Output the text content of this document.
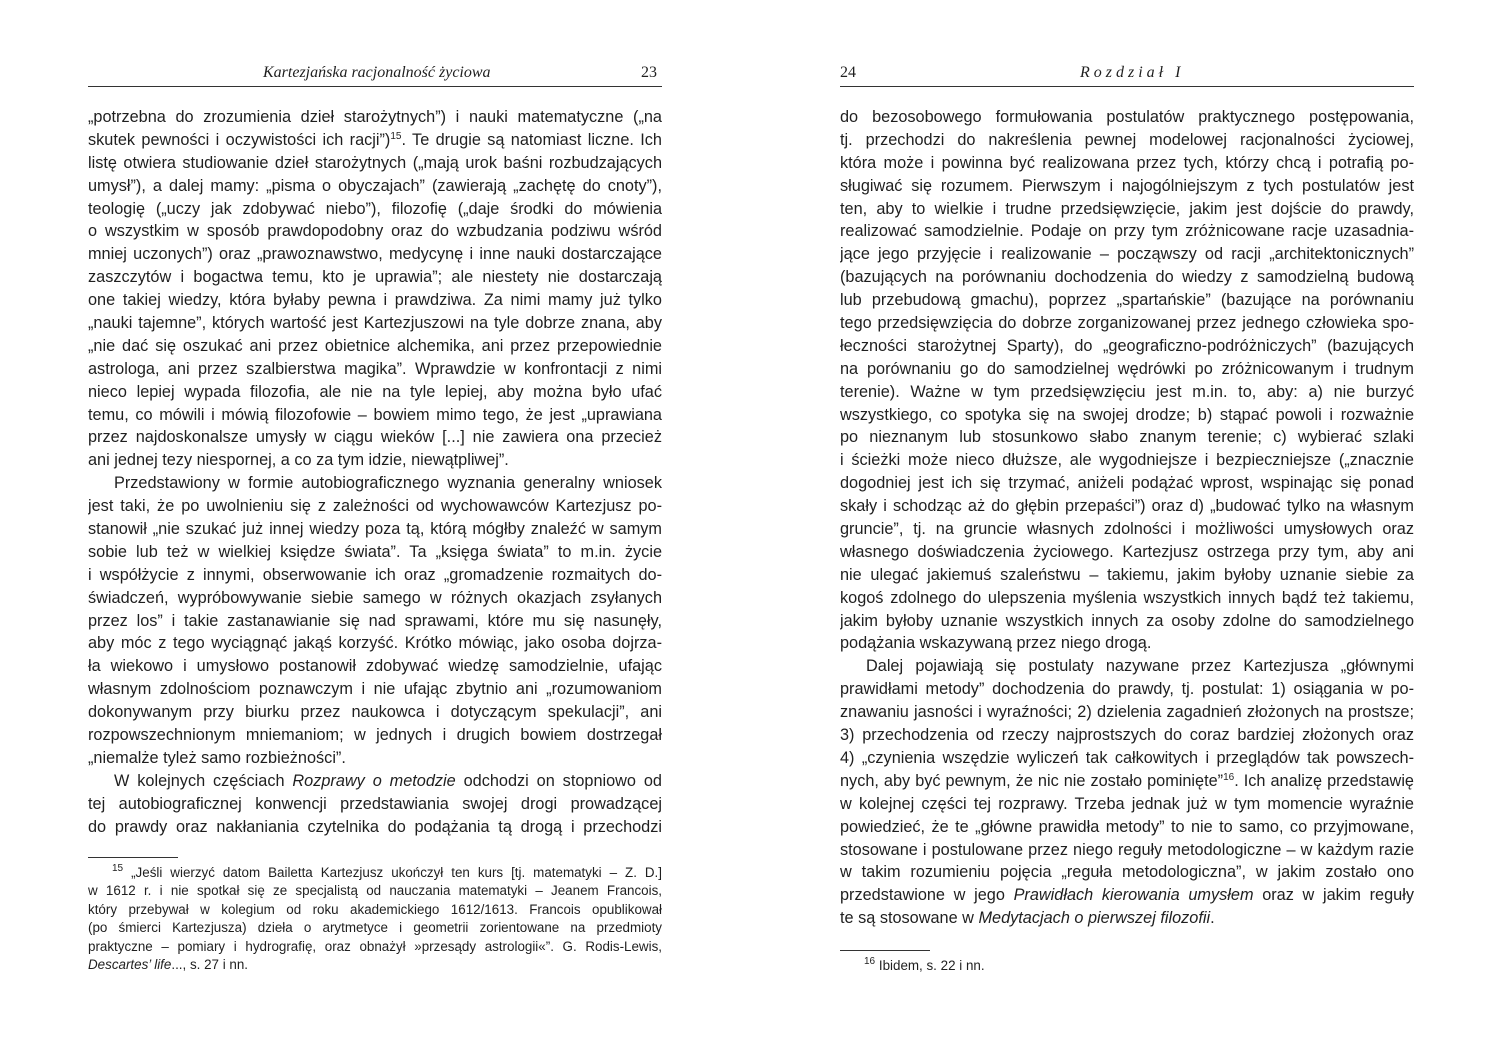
Kartezjańska racjonalność życiowa	23
„potrzebna do zrozumienia dzieł starożytnych”) i nauki matematyczne („na
skutek pewności i oczywistości ich racji”)$^{15}$. Te drugie są natomiast liczne. Ich
listę otwiera studiowanie dzieł starożytnych („mają urok baśni rozbudzających
umysł”), a dalej mamy: „pisma o obyczajach” (zawierają „zachętę do cnoty”),
teologię („uczy jak zdobywać niebo”), filozofię („daje środki do mówienia
o wszystkim w sposób prawdopodobny oraz do wzbudzania podziwu wśród
mniej uczonych”) oraz „prawoznawstwo, medycynę i inne nauki dostarczające
zaszczytów i bogactwa temu, kto je uprawia”; ale niestety nie dostarczają
one takiej wiedzy, która byłaby pewna i prawdziwa. Za nimi mamy już tylko
„nauki tajemne”, których wartość jest Kartezjuszowi na tyle dobrze znana, aby
„nie dać się oszukać ani przez obietnice alchemika, ani przez przepowiednie
astrologa, ani przez szalbierstwa magika”. Wprawdzie w konfrontacji z nimi
nieco lepiej wypada filozofia, ale nie na tyle lepiej, aby można było ufać
temu, co mówili i mówią filozofowie – bowiem mimo tego, że jest „uprawiana
przez najdoskonalsze umysły w ciągu wieków [...] nie zawiera ona przecież
ani jednej tezy niespornej, a co za tym idzie, niewątpliwej”.
Przedstawiony w formie autobiograficznego wyznania generalny wniosek
jest taki, że po uwolnieniu się z zależności od wychowawców Kartezjusz po-
stanowił „nie szukać już innej wiedzy poza tą, którą mógłby znaleźć w samym
sobie lub też w wielkiej księdze świata”. Ta „księga świata” to m.in. życie
i współżycie z innymi, obserwowanie ich oraz „gromadzenie rozmaitych do-
świadczeń, wypróbowywanie siebie samego w różnych okazjach zsyłanych
przez los” i takie zastanawianie się nad sprawami, które mu się nasunęły,
aby móc z tego wyciągnąć jakąś korzyść. Krótko mówiąc, jako osoba dojrza-
ła wiekowo i umysłowo postanowił zdobywać wiedzę samodzielnie, ufając
własnym zdolnościom poznawczym i nie ufając zbytnio ani „rozumowaniom
dokonywanym przy biurku przez naukowca i dotyczącym spekulacji”, ani
rozpowszechnionym mniemaniom; w jednych i drugich bowiem dostrzegał
„niemalże tyleż samo rozbieżności”.
W kolejnych częściach Rozprawy o metodzie odchodzi on stopniowo od
tej autobiograficznej konwencji przedstawiania swojej drogi prowadzącej
do prawdy oraz nakłaniania czytelnika do podążania tą drogą i przechodzi
$^{15}$ „Jeśli wierzyć datom Bailetta Kartezjusz ukończył ten kurs [tj. matematyki – Z. D.]
w 1612 r. i nie spotkał się ze specjalistą od nauczania matematyki – Jeanem Francois,
który przebywał w kolegium od roku akademickiego 1612/1613. Francois opublikował
(po śmierci Kartezjusza) dzieła o arytmetyce i geometrii zorientowane na przedmioty
praktyczne – pomiary i hydrografię, oraz obnażył »przesądy astrologii«”. G. Rodis-Lewis,
Descartes’ life..., s. 27 i nn.
24	Rozdział I
do bezosobowego formułowania postulatów praktycznego postępowania,
tj. przechodzi do nakreślenia pewnej modelowej racjonalności życiowej,
która może i powinna być realizowana przez tych, którzy chcą i potrafią po-
sługiwać się rozumem. Pierwszym i najogólniejszym z tych postulatów jest
ten, aby to wielkie i trudne przedsięwzięcie, jakim jest dojście do prawdy,
realizować samodzielnie. Podaje on przy tym zróżnicowane racje uzasadnia-
jące jego przyjęcie i realizowanie – począwszy od racji „architektonicznych”
(bazujących na porównaniu dochodzenia do wiedzy z samodzielną budową
lub przebudową gmachu), poprzez „spartańskie” (bazujące na porównaniu
tego przedsięwzięcia do dobrze zorganizowanej przez jednego człowieka spo-
łeczności starożytnej Sparty), do „geograficzno-podróżniczych” (bazujących
na porównaniu go do samodzielnej wędrówki po zróżnicowanym i trudnym
terenie). Ważne w tym przedsięwzięciu jest m.in. to, aby: a) nie burzyć
wszystkiego, co spotyka się na swojej drodze; b) stąpać powoli i rozważnie
po nieznanym lub stosunkowo słabo znanym terenie; c) wybierać szlaki
i ścieżki może nieco dłuższe, ale wygodniejsze i bezpieczniejsze („znacznie
dogodniej jest ich się trzymać, aniżeli podążać wprost, wspinając się ponad
skały i schodząc aż do głębin przepaści”) oraz d) „budować tylko na własnym
gruncie”, tj. na gruncie własnych zdolności i możliwości umysłowych oraz
własnego doświadczenia życiowego. Kartezjusz ostrzega przy tym, aby ani
nie ulegać jakiemuś szaleństwu – takiemu, jakim byłoby uznanie siebie za
kogoś zdolnego do ulepszenia myślenia wszystkich innych bądź też takiemu,
jakim byłoby uznanie wszystkich innych za osoby zdolne do samodzielnego
podążania wskazywaną przez niego drogą.
Dalej pojawiają się postulaty nazywane przez Kartezjusza „głównymi
prawidłami metody” dochodzenia do prawdy, tj. postulat: 1) osiągania w po-
znawaniu jasności i wyraźności; 2) dzielenia zagadnień złożonych na prostsze;
3) przechodzenia od rzeczy najprostszych do coraz bardziej złożonych oraz
4) „czynienia wszędzie wyliczeń tak całkowitych i przeglądów tak powszech-
nych, aby być pewnym, że nic nie zostało pominięte”$^{16}$. Ich analizę przedstawię
w kolejnej części tej rozprawy. Trzeba jednak już w tym momencie wyraźnie
powiedzieć, że te „główne prawidła metody” to nie to samo, co przyjmowane,
stosowane i postulowane przez niego reguły metodologiczne – w każdym razie
w takim rozumieniu pojęcia „reguła metodologiczna”, w jakim zostało ono
przedstawione w jego Prawidłach kierowania umysłem oraz w jakim reguły
te są stosowane w Medytacjach o pierwszej filozofii.
$^{16}$ Ibidem, s. 22 i nn.
